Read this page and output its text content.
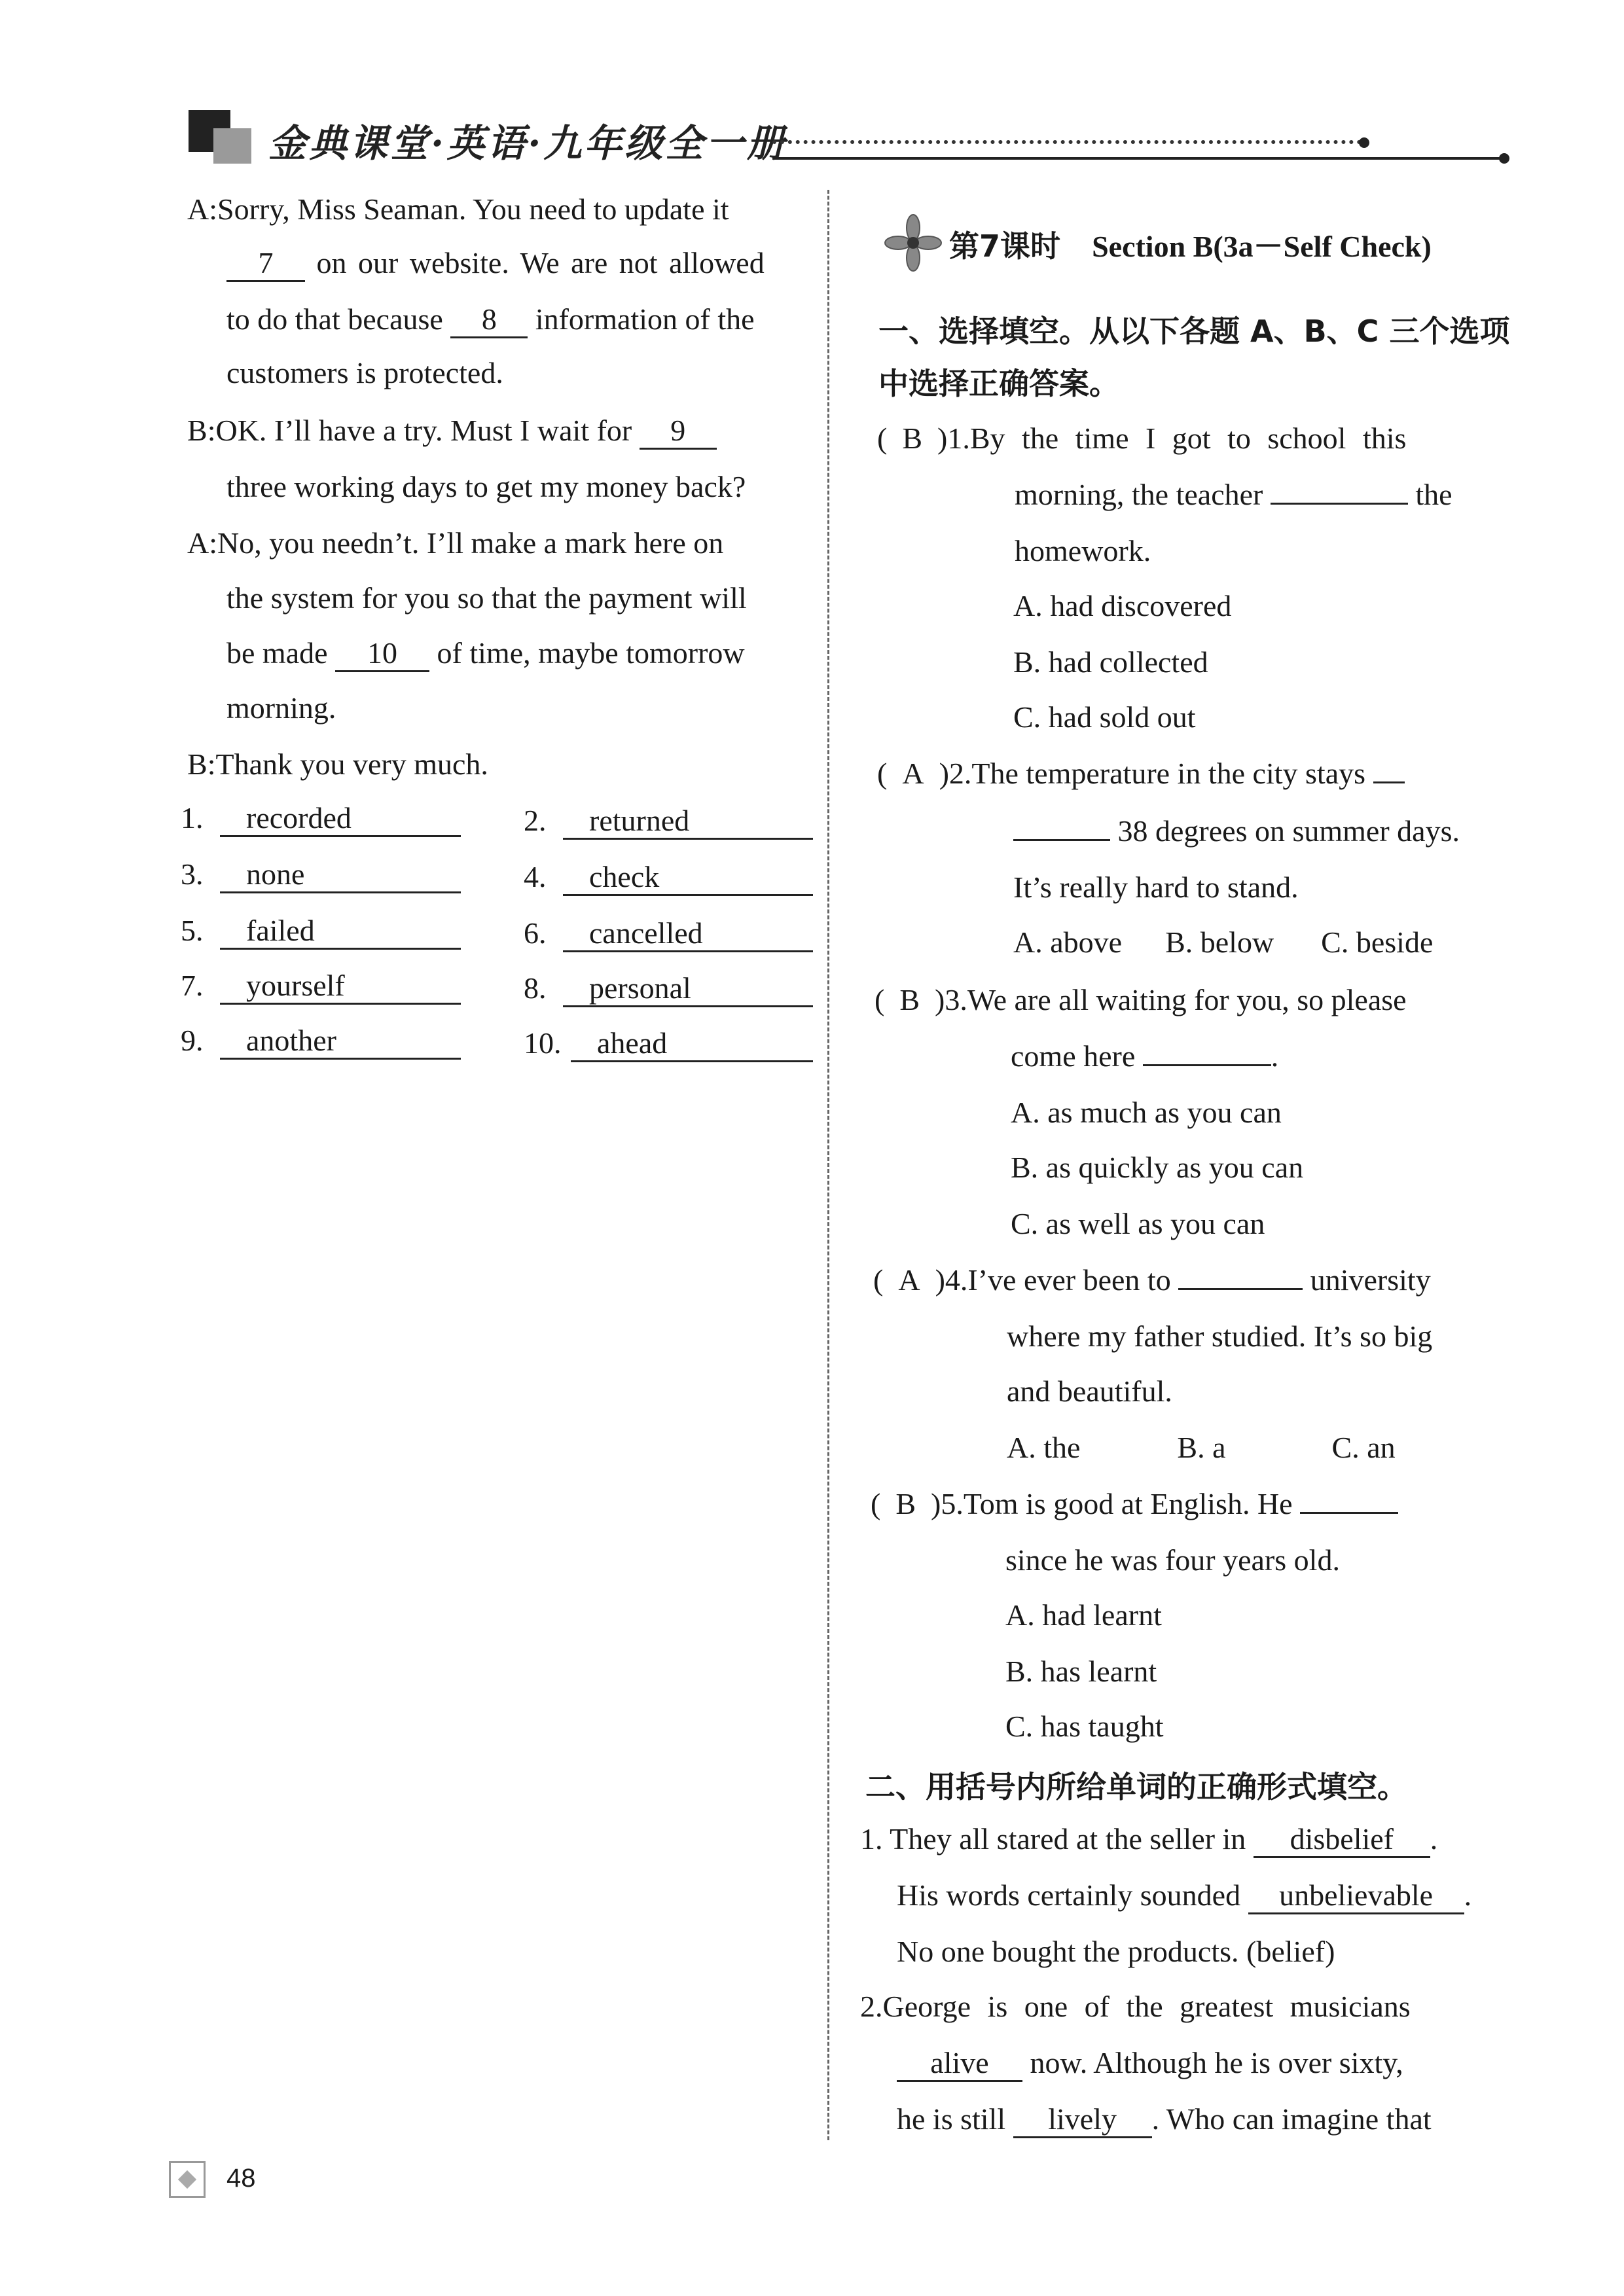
金典课堂·英语·九年级全一册
A:Sorry, Miss Seaman. You need to update it
7 on our website. We are not allowed
to do that because 8 information of the
customers is protected.
B:OK. I’ll have a try. Must I wait for 9
three working days to get my money back?
A:No, you needn’t. I’ll make a mark here on
the system for you so that the payment will
be made 10 of time, maybe tomorrow
morning.
B:Thank you very much.
1. recorded	2. returned
3. none	4. check
5. failed	6. cancelled
7. yourself	8. personal
9. another	10. ahead
第7课时 Section B(3a－Self Check)
一、选择填空。从以下各题 A、B、C 三个选项
中选择正确答案。
(  B  )1.By the time I got to school this
morning, the teacher	the
homework.
A. had discovered
B. had collected
C. had sold out
(  A  )2.The temperature in the city stays
38 degrees on summer days.
It’s really hard to stand.
A. above B. below C. beside
(  B  )3.We are all waiting for you, so please
come here	.
A. as much as you can
B. as quickly as you can
C. as well as you can
(  A  )4.I’ve ever been to	university
where my father studied. It’s so big
and beautiful.
A. the	B. a	C. an
(  B  )5.Tom is good at English. He
since he was four years old.
A. had learnt
B. has learnt
C. has taught
二、用括号内所给单词的正确形式填空。
1. They all stared at the seller in disbelief .
His words certainly sounded unbelievable .
No one bought the products. (belief)
2.George is one of the greatest musicians
alive now. Although he is over sixty,
he is still lively . Who can imagine that
48
